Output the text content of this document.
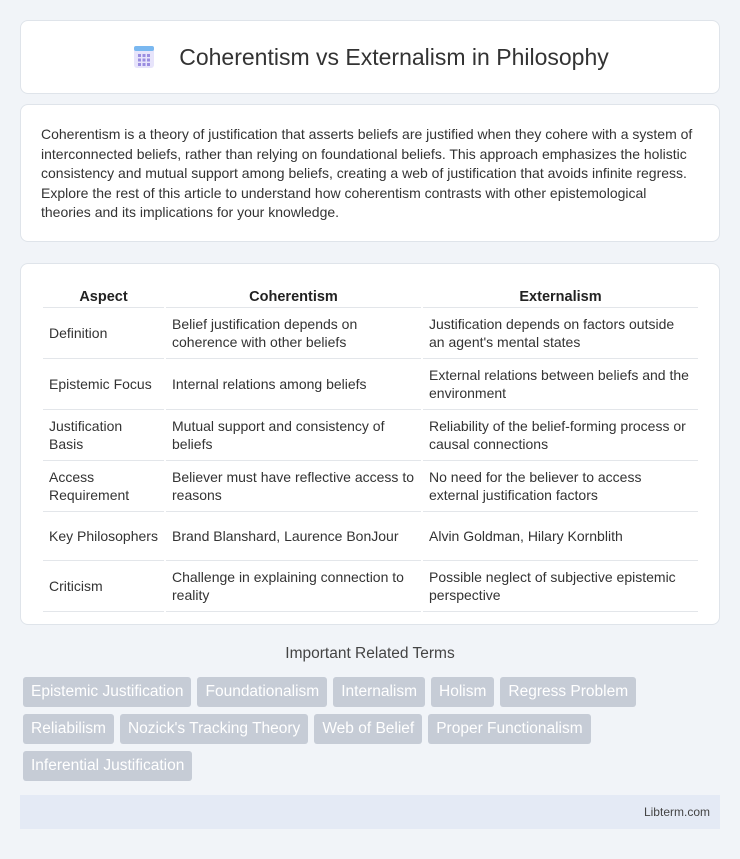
Coherentism vs Externalism in Philosophy

Coherentism is a theory of justification that asserts beliefs are justified when they cohere with a system of interconnected beliefs, rather than relying on foundational beliefs. This approach emphasizes the holistic consistency and mutual support among beliefs, creating a web of justification that avoids infinite regress. Explore the rest of this article to understand how coherentism contrasts with other epistemological theories and its implications for your knowledge.

Aspect	Coherentism	Externalism
Definition	Belief justification depends on coherence with other beliefs	Justification depends on factors outside an agent's mental states
Epistemic Focus	Internal relations among beliefs	External relations between beliefs and the environment
Justification Basis	Mutual support and consistency of beliefs	Reliability of the belief-forming process or causal connections
Access Requirement	Believer must have reflective access to reasons	No need for the believer to access external justification factors
Key Philosophers	Brand Blanshard, Laurence BonJour	Alvin Goldman, Hilary Kornblith
Criticism	Challenge in explaining connection to reality	Possible neglect of subjective epistemic perspective
Important Related Terms
Epistemic Justification	Foundationalism	Internalism	Holism	Regress Problem
Reliabilism	Nozick's Tracking Theory	Web of Belief	Proper Functionalism
Inferential Justification
Libterm.com
